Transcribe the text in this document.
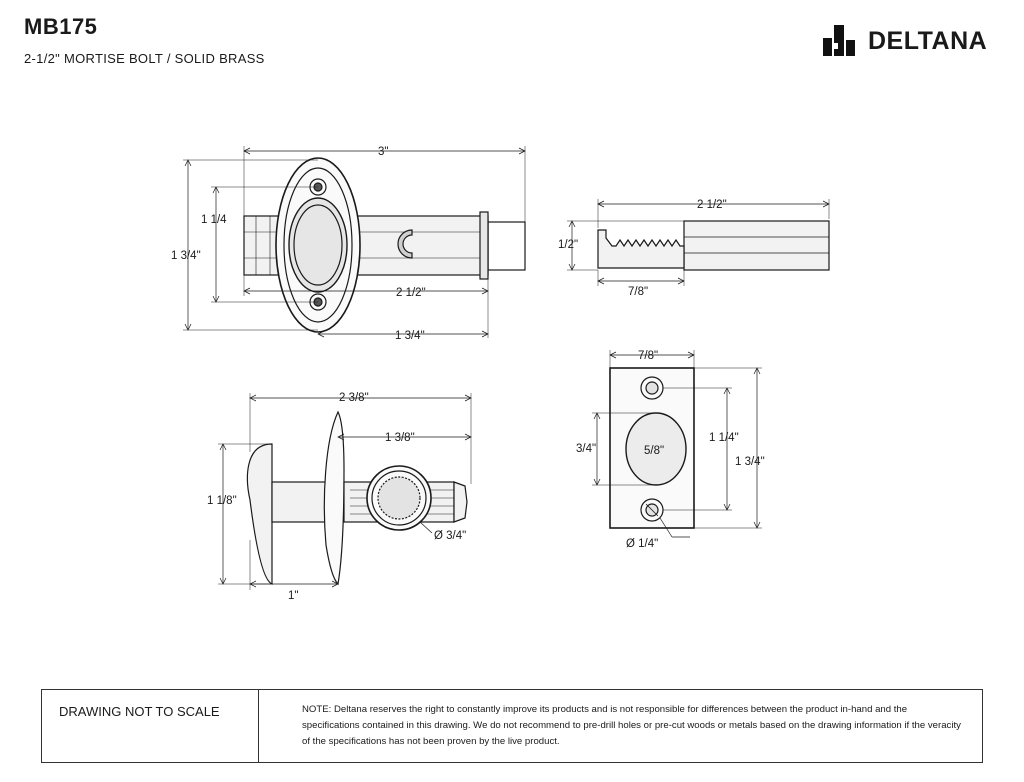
MB175
2-1/2" MORTISE BOLT / SOLID BRASS
DELTANA
3"
1 1/4
1 3/4"
2 1/2"
1 3/4"
2 1/2"
1/2"
7/8"
2 3/8"
1 3/8"
1 1/8"
1"
Ø 3/4"
7/8"
1 1/4"
1 3/4"
3/4"	5/8"
Ø 1/4"
DRAWING NOT TO SCALE	NOTE: Deltana reserves the right to constantly improve its products and is not responsible for differences between the product in-hand and the specifications contained in this drawing. We do not recommend to pre-drill holes or pre-cut woods or metals based on the drawing information if the veracity of the specifications has not been proven by the live product.
